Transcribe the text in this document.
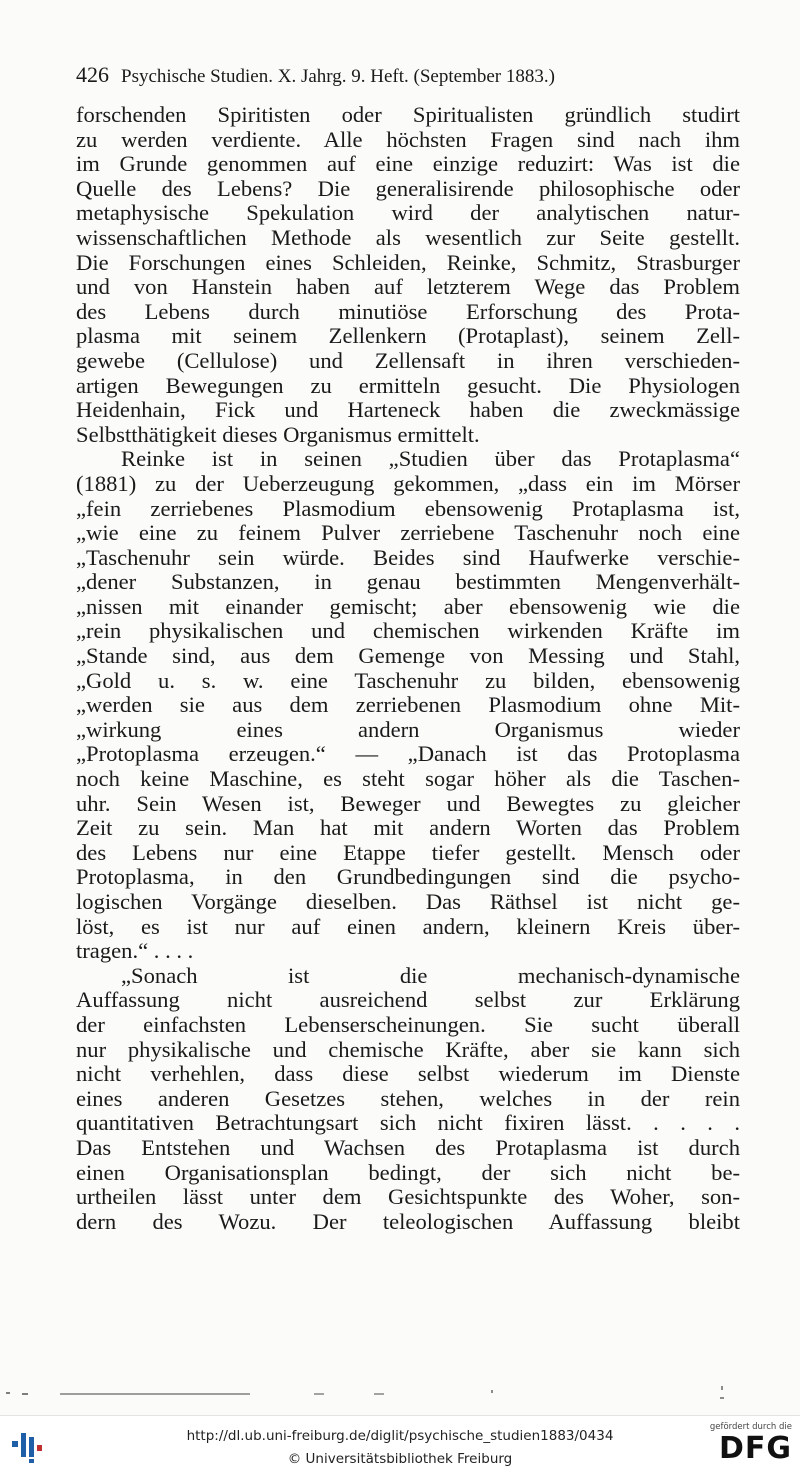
426 Psychische Studien. X. Jahrg. 9. Heft. (September 1883.)
forschenden Spiritisten oder Spiritualisten gründlich studirt
zu werden verdiente. Alle höchsten Fragen sind nach ihm
im Grunde genommen auf eine einzige reduzirt: Was ist die
Quelle des Lebens? Die generalisirende philosophische oder
metaphysische Spekulation wird der analytischen natur-
wissenschaftlichen Methode als wesentlich zur Seite gestellt.
Die Forschungen eines Schleiden, Reinke, Schmitz, Strasburger
und von Hanstein haben auf letzterem Wege das Problem
des Lebens durch minutiöse Erforschung des Prota-
plasma mit seinem Zellenkern (Protaplast), seinem Zell-
gewebe (Cellulose) und Zellensaft in ihren verschieden-
artigen Bewegungen zu ermitteln gesucht. Die Physiologen
Heidenhain, Fick und Harteneck haben die zweckmässige
Selbstthätigkeit dieses Organismus ermittelt.
Reinke ist in seinen „Studien über das Protaplasma“
(1881) zu der Ueberzeugung gekommen, „dass ein im Mörser
„fein zerriebenes Plasmodium ebensowenig Protaplasma ist,
„wie eine zu feinem Pulver zerriebene Taschenuhr noch eine
„Taschenuhr sein würde. Beides sind Haufwerke verschie-
„dener Substanzen, in genau bestimmten Mengenverhält-
„nissen mit einander gemischt; aber ebensowenig wie die
„rein physikalischen und chemischen wirkenden Kräfte im
„Stande sind, aus dem Gemenge von Messing und Stahl,
„Gold u. s. w. eine Taschenuhr zu bilden, ebensowenig
„werden sie aus dem zerriebenen Plasmodium ohne Mit-
„wirkung eines andern Organismus wieder
„Protoplasma erzeugen.“ — „Danach ist das Protoplasma
noch keine Maschine, es steht sogar höher als die Taschen-
uhr. Sein Wesen ist, Beweger und Bewegtes zu gleicher
Zeit zu sein. Man hat mit andern Worten das Problem
des Lebens nur eine Etappe tiefer gestellt. Mensch oder
Protoplasma, in den Grundbedingungen sind die psycho-
logischen Vorgänge dieselben. Das Räthsel ist nicht ge-
löst, es ist nur auf einen andern, kleinern Kreis über-
tragen.“ . . . .
„Sonach ist die mechanisch-dynamische
Auffassung nicht ausreichend selbst zur Erklärung
der einfachsten Lebenserscheinungen. Sie sucht überall
nur physikalische und chemische Kräfte, aber sie kann sich
nicht verhehlen, dass diese selbst wiederum im Dienste
eines anderen Gesetzes stehen, welches in der rein
quantitativen Betrachtungsart sich nicht fixiren lässt. . . . .
Das Entstehen und Wachsen des Protaplasma ist durch
einen Organisationsplan bedingt, der sich nicht be-
urtheilen lässt unter dem Gesichtspunkte des Woher, son-
dern des Wozu. Der teleologischen Auffassung bleibt
http://dl.ub.uni-freiburg.de/diglit/psychische_studien1883/0434
© Universitätsbibliothek Freiburg
gefördert durch die
DFG
